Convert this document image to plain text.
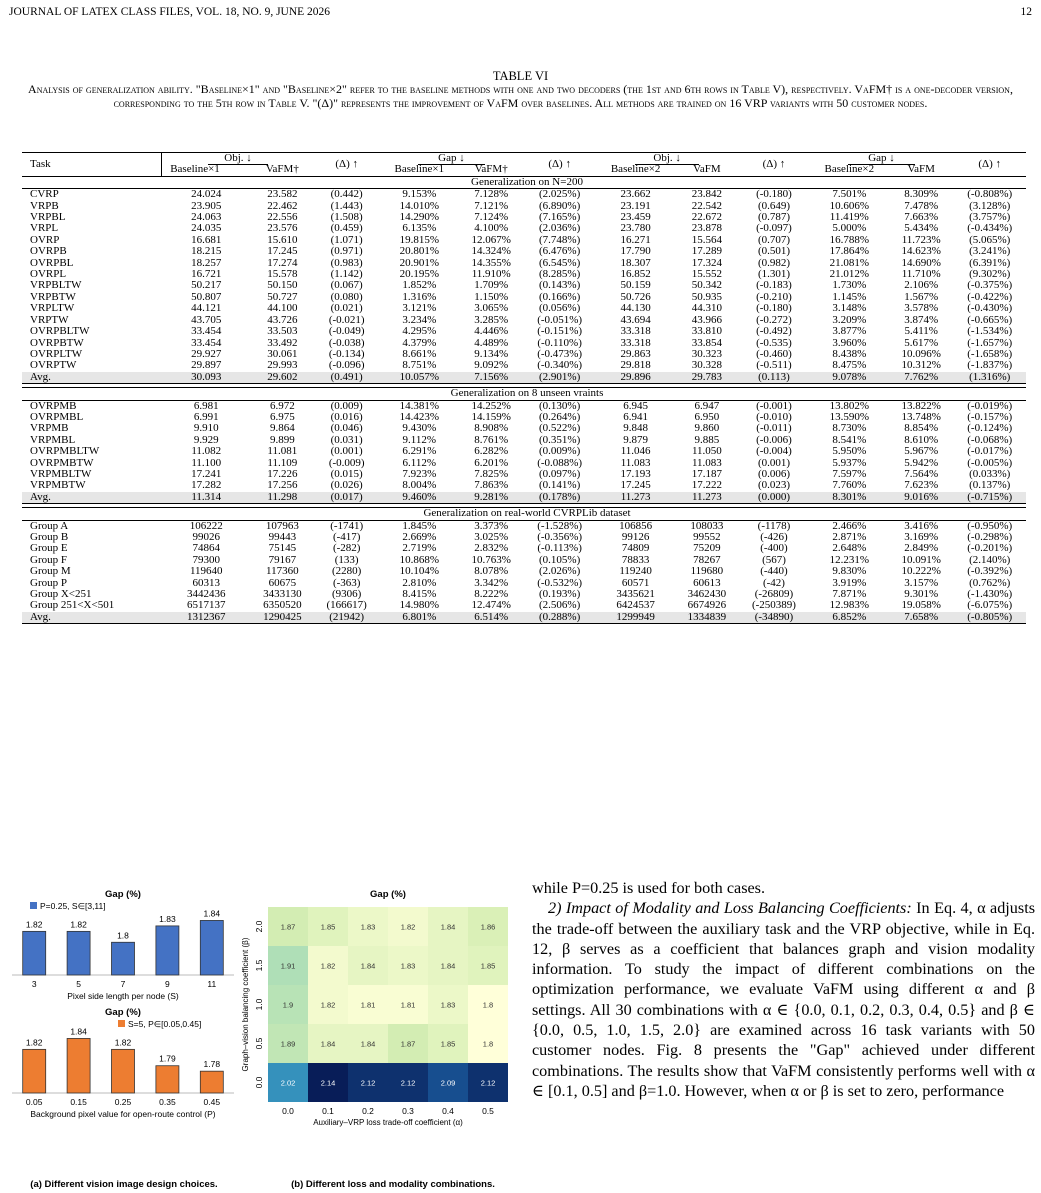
JOURNAL OF LATEX CLASS FILES, VOL. 18, NO. 9, JUNE 2026	12
TABLE VI
Analysis of generalization ability. "Baseline×1" and "Baseline×2" refer to the baseline methods with one and two decoders (the 1st and 6th rows in Table V), respectively. VaFM† is a one-decoder version, corresponding to the 5th row in Table V. "(Δ)" represents the improvement of VaFM over baselines. All methods are trained on 16 VRP variants with 50 customer nodes.
Task	Obj. ↓		(Δ) ↑	Gap ↓		(Δ) ↑	Obj. ↓		(Δ) ↑	Gap ↓		(Δ) ↑
	Baseline×1	VaFM†		Baseline×1	VaFM†		Baseline×2	VaFM		Baseline×2	VaFM	
Generalization on N=200												
CVRP	24.024	23.582	(0.442)	9.153%	7.128%	(2.025%)	23.662	23.842	(-0.180)	7.501%	8.309%	(-0.808%)
VRPB	23.905	22.462	(1.443)	14.010%	7.121%	(6.890%)	23.191	22.542	(0.649)	10.606%	7.478%	(3.128%)
VRPBL	24.063	22.556	(1.508)	14.290%	7.124%	(7.165%)	23.459	22.672	(0.787)	11.419%	7.663%	(3.757%)
VRPL	24.035	23.576	(0.459)	6.135%	4.100%	(2.036%)	23.780	23.878	(-0.097)	5.000%	5.434%	(-0.434%)
OVRP	16.681	15.610	(1.071)	19.815%	12.067%	(7.748%)	16.271	15.564	(0.707)	16.788%	11.723%	(5.065%)
OVRPB	18.215	17.245	(0.971)	20.801%	14.324%	(6.476%)	17.790	17.289	(0.501)	17.864%	14.623%	(3.241%)
OVRPBL	18.257	17.274	(0.983)	20.901%	14.355%	(6.545%)	18.307	17.324	(0.982)	21.081%	14.690%	(6.391%)
OVRPL	16.721	15.578	(1.142)	20.195%	11.910%	(8.285%)	16.852	15.552	(1.301)	21.012%	11.710%	(9.302%)
VRPBLTW	50.217	50.150	(0.067)	1.852%	1.709%	(0.143%)	50.159	50.342	(-0.183)	1.730%	2.106%	(-0.375%)
VRPBTW	50.807	50.727	(0.080)	1.316%	1.150%	(0.166%)	50.726	50.935	(-0.210)	1.145%	1.567%	(-0.422%)
VRPLTW	44.121	44.100	(0.021)	3.121%	3.065%	(0.056%)	44.130	44.310	(-0.180)	3.148%	3.578%	(-0.430%)
VRPTW	43.705	43.726	(-0.021)	3.234%	3.285%	(-0.051%)	43.694	43.966	(-0.272)	3.209%	3.874%	(-0.665%)
OVRPBLTW	33.454	33.503	(-0.049)	4.295%	4.446%	(-0.151%)	33.318	33.810	(-0.492)	3.877%	5.411%	(-1.534%)
OVRPBTW	33.454	33.492	(-0.038)	4.379%	4.489%	(-0.110%)	33.318	33.854	(-0.535)	3.960%	5.617%	(-1.657%)
OVRPLTW	29.927	30.061	(-0.134)	8.661%	9.134%	(-0.473%)	29.863	30.323	(-0.460)	8.438%	10.096%	(-1.658%)
OVRPTW	29.897	29.993	(-0.096)	8.751%	9.092%	(-0.340%)	29.818	30.328	(-0.511)	8.475%	10.312%	(-1.837%)
Avg.	30.093	29.602	(0.491)	10.057%	7.156%	(2.901%)	29.896	29.783	(0.113)	9.078%	7.762%	(1.316%)

Generalization on 8 unseen vraints												
OVRPMB	6.981	6.972	(0.009)	14.381%	14.252%	(0.130%)	6.945	6.947	(-0.001)	13.802%	13.822%	(-0.019%)
OVRPMBL	6.991	6.975	(0.016)	14.423%	14.159%	(0.264%)	6.941	6.950	(-0.010)	13.590%	13.748%	(-0.157%)
VRPMB	9.910	9.864	(0.046)	9.430%	8.908%	(0.522%)	9.848	9.860	(-0.011)	8.730%	8.854%	(-0.124%)
VRPMBL	9.929	9.899	(0.031)	9.112%	8.761%	(0.351%)	9.879	9.885	(-0.006)	8.541%	8.610%	(-0.068%)
OVRPMBLTW	11.082	11.081	(0.001)	6.291%	6.282%	(0.009%)	11.046	11.050	(-0.004)	5.950%	5.967%	(-0.017%)
OVRPMBTW	11.100	11.109	(-0.009)	6.112%	6.201%	(-0.088%)	11.083	11.083	(0.001)	5.937%	5.942%	(-0.005%)
VRPMBLTW	17.241	17.226	(0.015)	7.923%	7.825%	(0.097%)	17.193	17.187	(0.006)	7.597%	7.564%	(0.033%)
VRPMBTW	17.282	17.256	(0.026)	8.004%	7.863%	(0.141%)	17.245	17.222	(0.023)	7.760%	7.623%	(0.137%)
Avg.	11.314	11.298	(0.017)	9.460%	9.281%	(0.178%)	11.273	11.273	(0.000)	8.301%	9.016%	(-0.715%)

Generalization on real-world CVRPLib dataset												
Group A	106222	107963	(-1741)	1.845%	3.373%	(-1.528%)	106856	108033	(-1178)	2.466%	3.416%	(-0.950%)
Group B	99026	99443	(-417)	2.669%	3.025%	(-0.356%)	99126	99552	(-426)	2.871%	3.169%	(-0.298%)
Group E	74864	75145	(-282)	2.719%	2.832%	(-0.113%)	74809	75209	(-400)	2.648%	2.849%	(-0.201%)
Group F	79300	79167	(133)	10.868%	10.763%	(0.105%)	78833	78267	(567)	12.231%	10.091%	(2.140%)
Group M	119640	117360	(2280)	10.104%	8.078%	(2.026%)	119240	119680	(-440)	9.830%	10.222%	(-0.392%)
Group P	60313	60675	(-363)	2.810%	3.342%	(-0.532%)	60571	60613	(-42)	3.919%	3.157%	(0.762%)
Group X<251	3442436	3433130	(9306)	8.415%	8.222%	(0.193%)	3435621	3462430	(-26809)	7.871%	9.301%	(-1.430%)
Group 251<X<501	6517137	6350520	(166617)	14.980%	12.474%	(2.506%)	6424537	6674926	(-250389)	12.983%	19.058%	(-6.075%)
Avg.	1312367	1290425	(21942)	6.801%	6.514%	(0.288%)	1299949	1334839	(-34890)	6.852%	7.658%	(-0.805%)
Gap (%)
P=0.25, S∈[3,11]
1.82
3
1.82
5
1.8
7
1.83
9
1.84
11
Pixel side length per node (S)
Gap (%)
S=5, P∈[0.05,0.45]
1.82
0.05
1.84
0.15
1.82
0.25
1.79
0.35
1.78
0.45
Background pixel value for open-route control (P)
Gap (%)
1.87	1.85	1.83	1.82	1.84	1.86
2.0
1.91	1.82	1.84	1.83	1.84	1.85
1.5
1.9	1.82	1.81	1.81	1.83	1.8
1.0
1.89	1.84	1.84	1.87	1.85	1.8
0.5
2.02	2.14	2.12	2.12	2.09	2.12
0.0
0.0	0.1	0.2	0.3	0.4	0.5
Auxiliary–VRP loss trade-off coefficient (α)
Graph–vision balancing coefficient (β)
(a) Different vision image design choices.	(b) Different loss and modality combinations.

while P=0.25 is used for both cases.

2) Impact of Modality and Loss Balancing Coefficients: In Eq. 4, α adjusts the trade-off between the auxiliary task and the VRP objective, while in Eq. 12, β serves as a coefficient that balances graph and vision modality information. To study the impact of different combinations on the optimization performance, we evaluate VaFM using different α and β settings. All 30 combinations with α ∈ {0.0, 0.1, 0.2, 0.3, 0.4, 0.5} and β ∈ {0.0, 0.5, 1.0, 1.5, 2.0} are examined across 16 task variants with 50 customer nodes. Fig. 8 presents the "Gap" achieved under different combinations. The results show that VaFM consistently performs well with α ∈ [0.1, 0.5] and β=1.0. However, when α or β is set to zero, performance
